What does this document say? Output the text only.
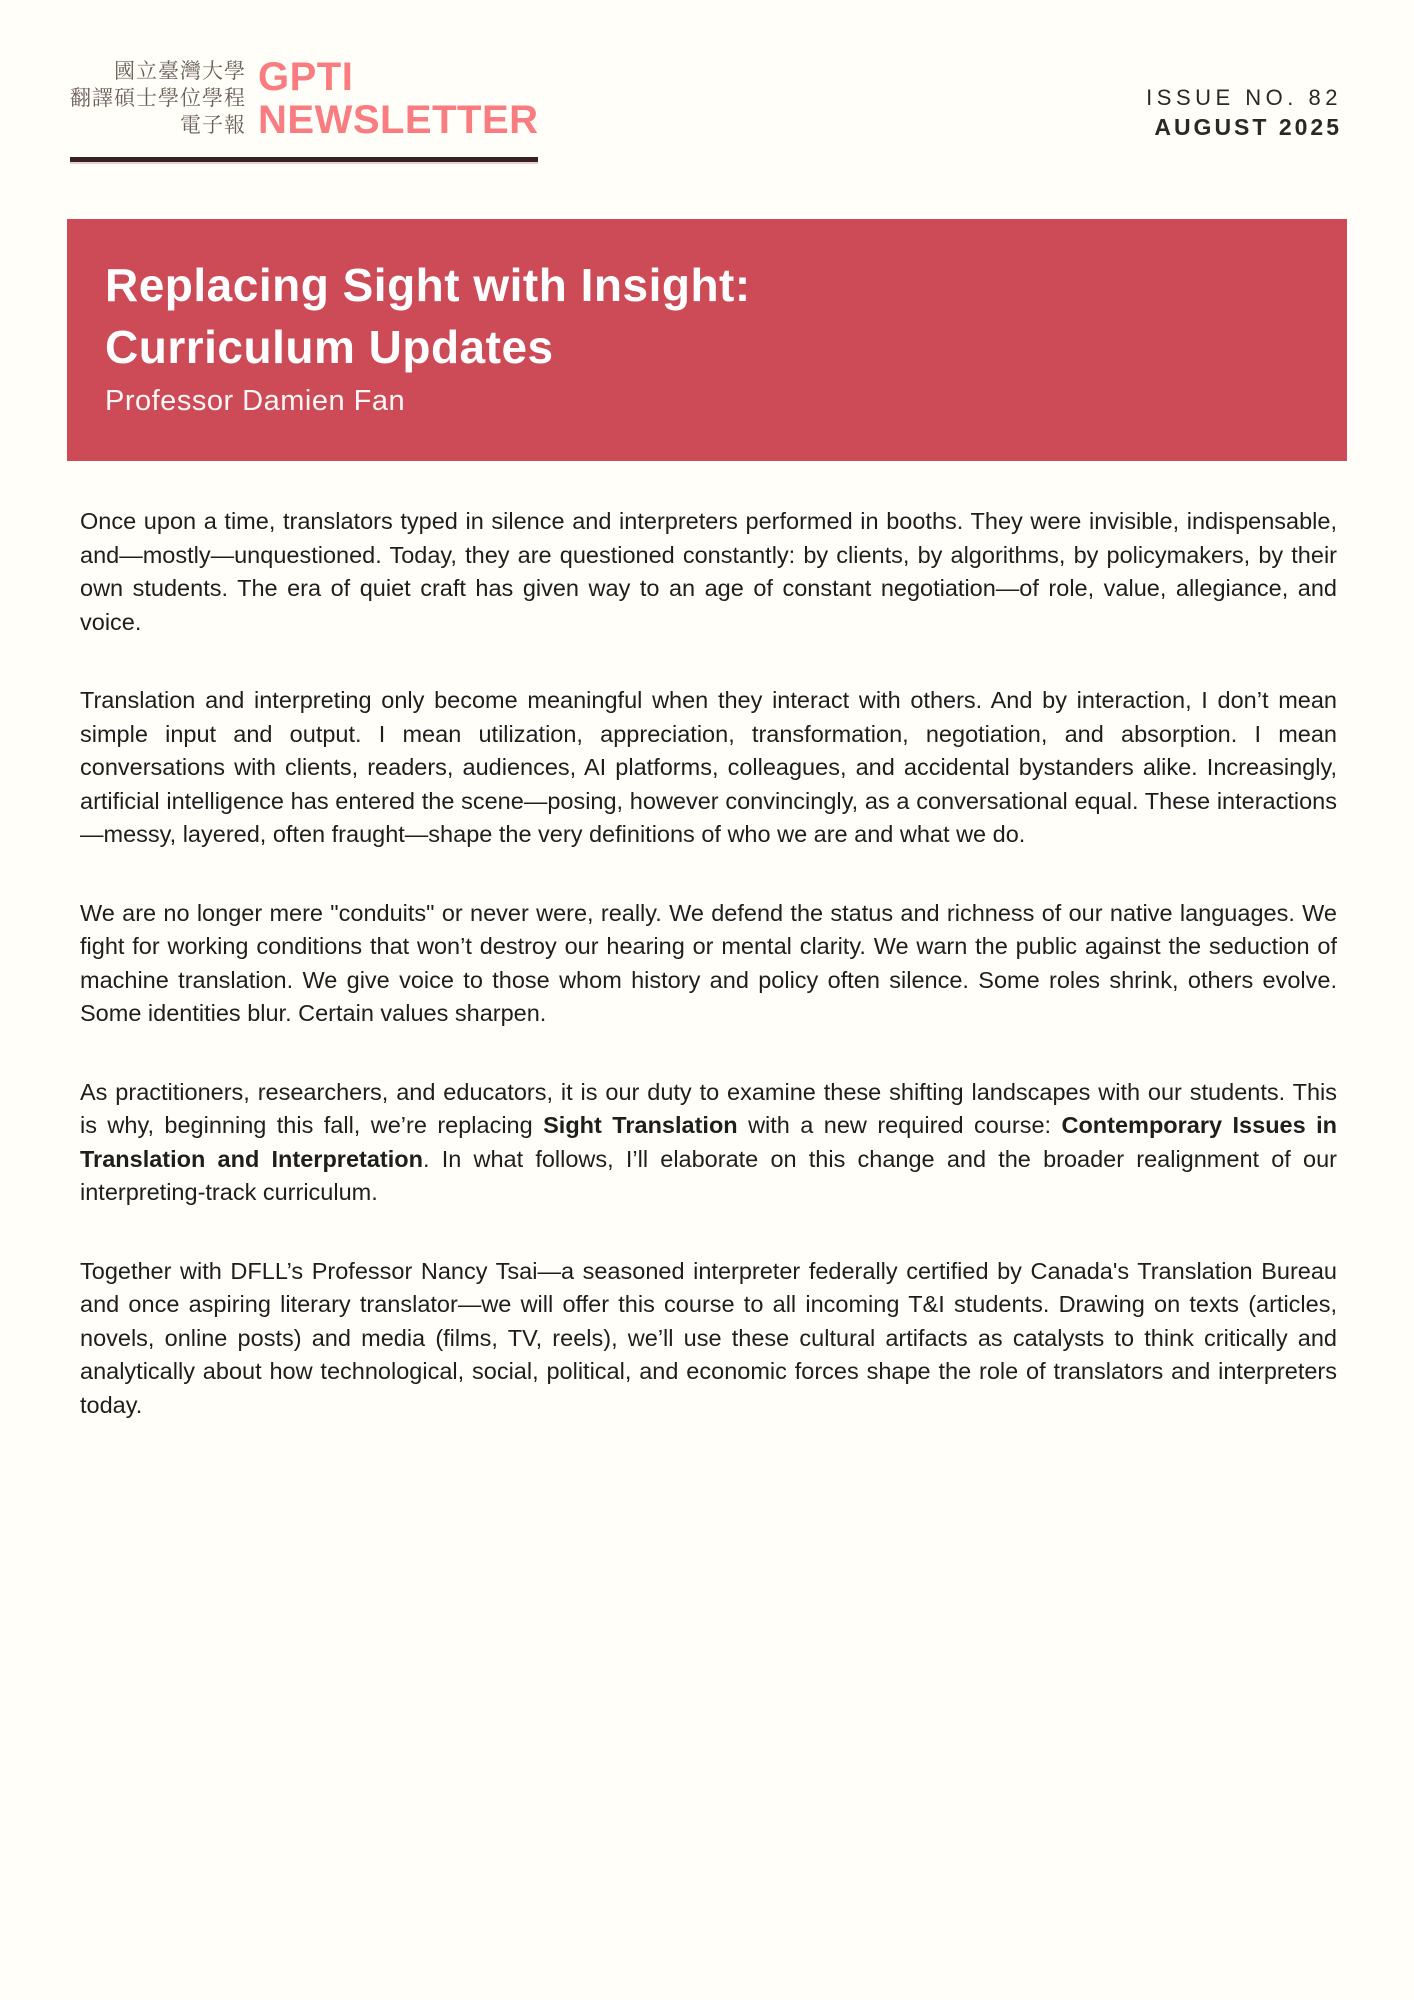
國立臺灣大學
翻譯碩士學位學程
電子報
GPTI
NEWSLETTER
ISSUE NO. 82
AUGUST 2025
Replacing Sight with Insight:
Curriculum Updates
Professor Damien Fan

Once upon a time, translators typed in silence and interpreters performed in booths. They were invisible, indispensable, and—mostly—unquestioned. Today, they are questioned constantly: by clients, by algorithms, by policymakers, by their own students. The era of quiet craft has given way to an age of constant negotiation—of role, value, allegiance, and voice.

Translation and interpreting only become meaningful when they interact with others. And by interaction, I don’t mean simple input and output. I mean utilization, appreciation, transformation, negotiation, and absorption. I mean conversations with clients, readers, audiences, AI platforms, colleagues, and accidental bystanders alike. Increasingly, artificial intelligence has entered the scene—posing, however convincingly, as a conversational equal. These interactions—messy, layered, often fraught—shape the very definitions of who we are and what we do.

We are no longer mere "conduits" or never were, really. We defend the status and richness of our native languages. We fight for working conditions that won’t destroy our hearing or mental clarity. We warn the public against the seduction of machine translation. We give voice to those whom history and policy often silence. Some roles shrink, others evolve. Some identities blur. Certain values sharpen.

As practitioners, researchers, and educators, it is our duty to examine these shifting landscapes with our students. This is why, beginning this fall, we’re replacing Sight Translation with a new required course: Contemporary Issues in Translation and Interpretation. In what follows, I’ll elaborate on this change and the broader realignment of our interpreting-track curriculum.

Together with DFLL’s Professor Nancy Tsai—a seasoned interpreter federally certified by Canada's Translation Bureau and once aspiring literary translator—we will offer this course to all incoming T&I students. Drawing on texts (articles, novels, online posts) and media (films, TV, reels), we’ll use these cultural artifacts as catalysts to think critically and analytically about how technological, social, political, and economic forces shape the role of translators and interpreters today.
